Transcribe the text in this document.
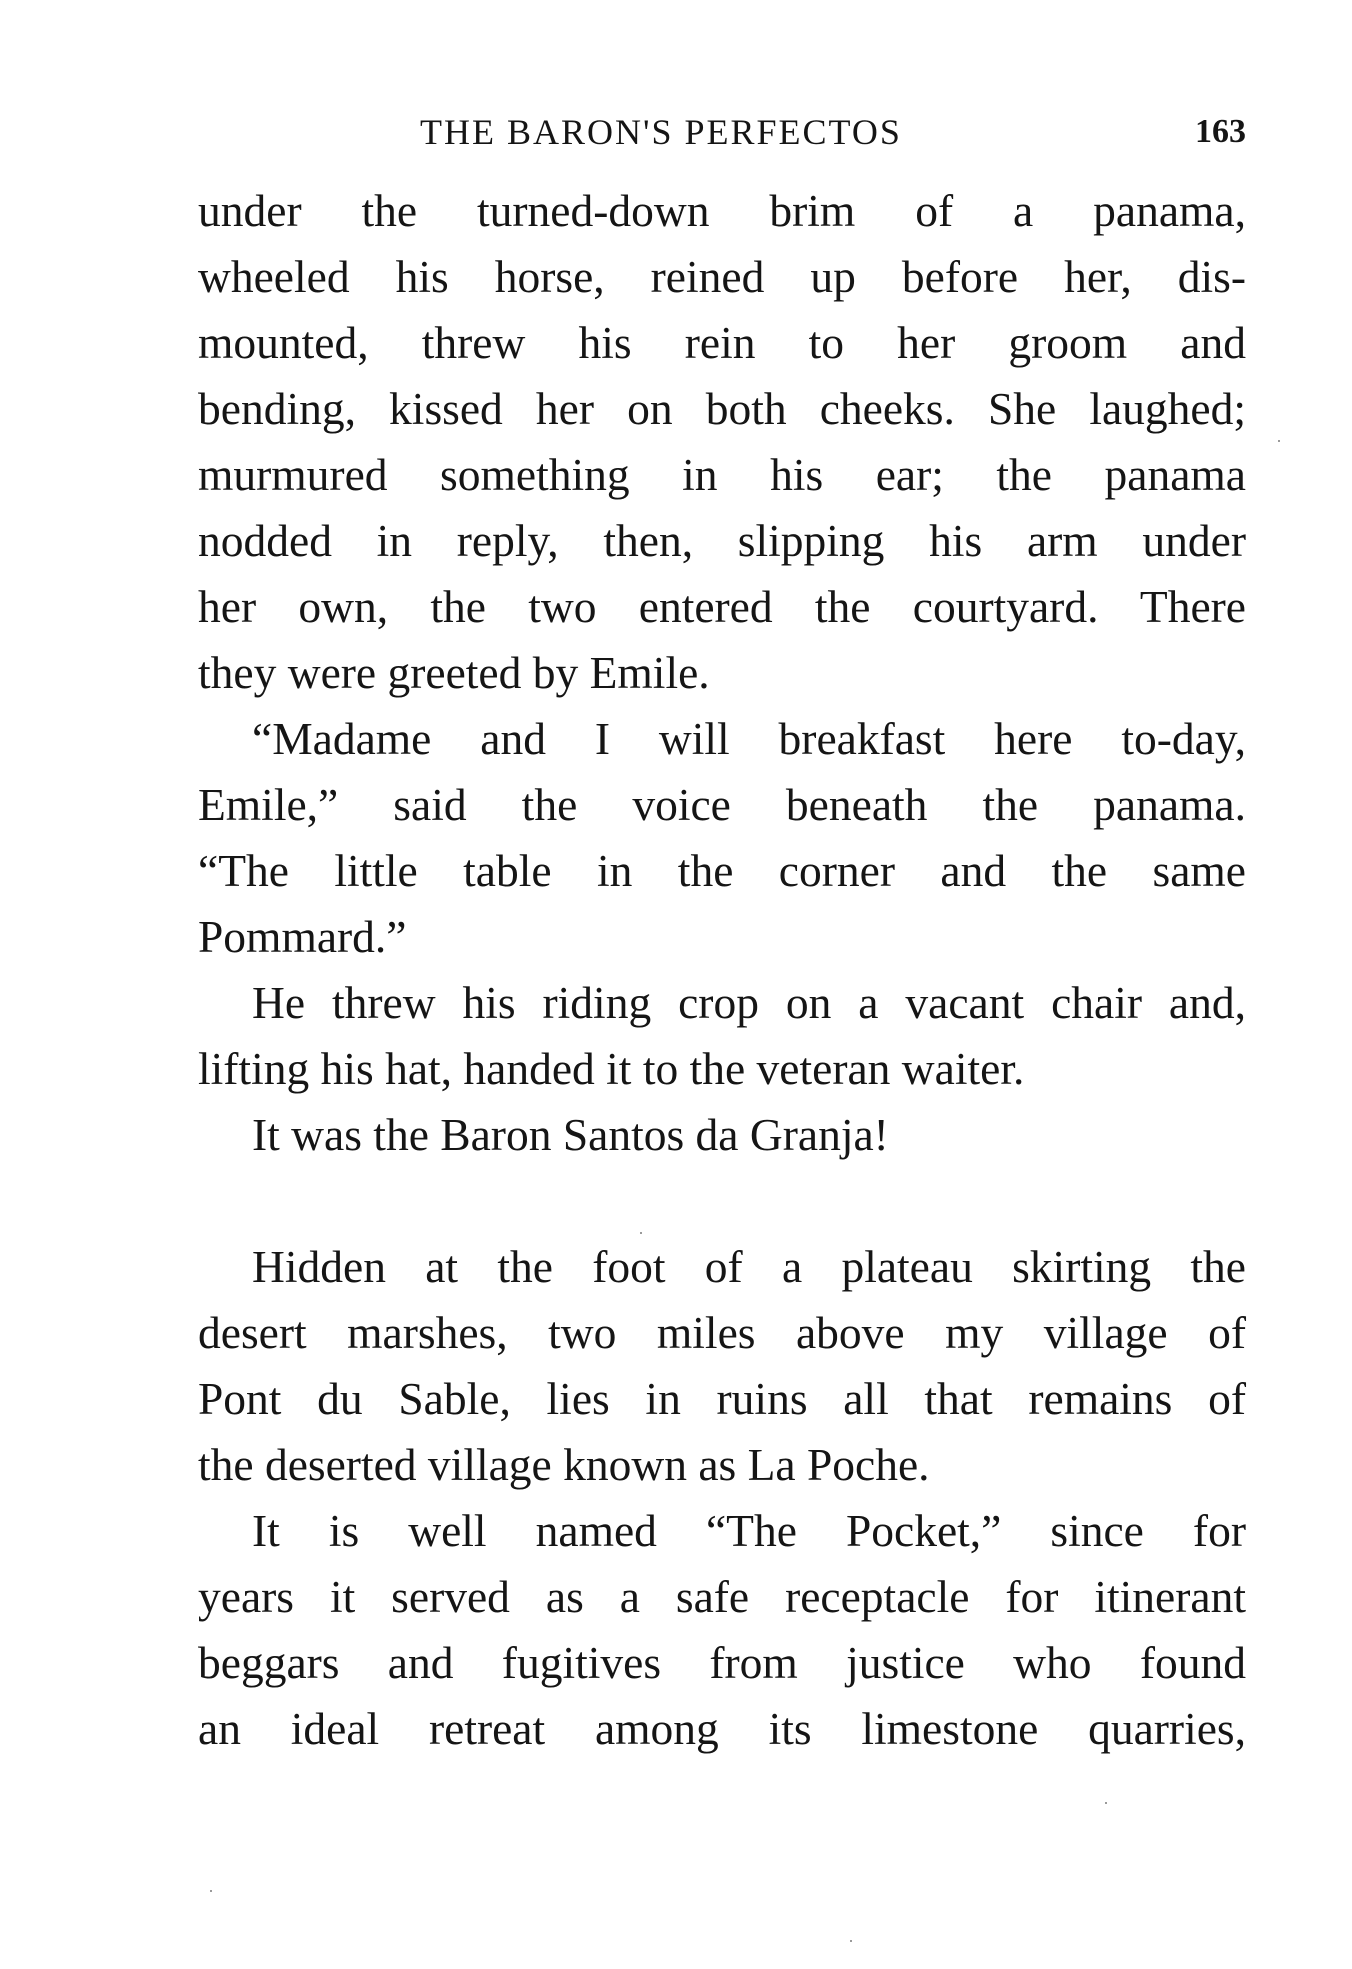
THE BARON'S PERFECTOS	163
under the turned-down brim of a panama,
wheeled his horse, reined up before her, dis-
mounted, threw his rein to her groom and
bending, kissed her on both cheeks. She laughed;
murmured something in his ear; the panama
nodded in reply, then, slipping his arm under
her own, the two entered the courtyard. There
they were greeted by Emile.
“Madame and I will breakfast here to-day,
Emile,” said the voice beneath the panama.
“The little table in the corner and the same
Pommard.”
He threw his riding crop on a vacant chair and,
lifting his hat, handed it to the veteran waiter.
It was the Baron Santos da Granja!
Hidden at the foot of a plateau skirting the
desert marshes, two miles above my village of
Pont du Sable, lies in ruins all that remains of
the deserted village known as La Poche.
It is well named “The Pocket,” since for
years it served as a safe receptacle for itinerant
beggars and fugitives from justice who found
an ideal retreat among its limestone quarries,
